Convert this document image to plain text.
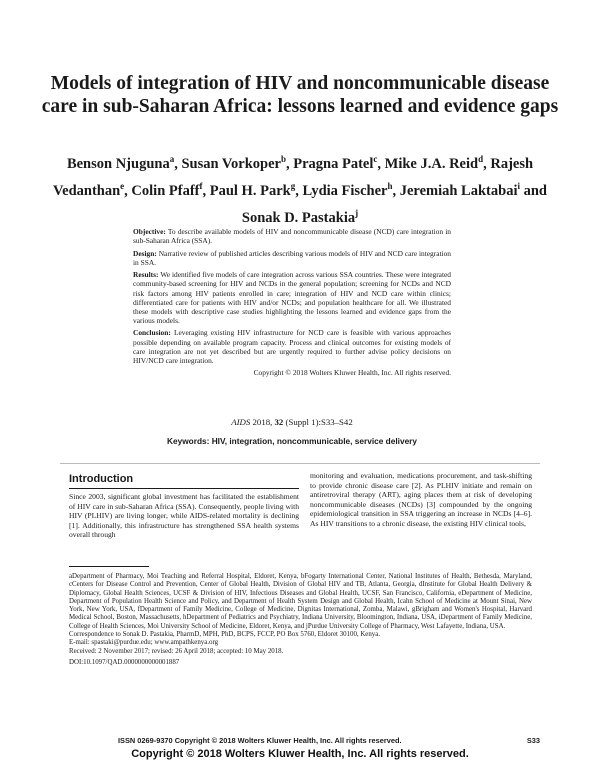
Models of integration of HIV and noncommunicable disease care in sub-Saharan Africa: lessons learned and evidence gaps
Benson Njuguna$^a$, Susan Vorkoper$^b$, Pragna Patel$^c$, Mike J.A. Reid$^d$, Rajesh Vedanthan$^e$, Colin Pfaff$^f$, Paul H. Park$^g$, Lydia Fischer$^h$, Jeremiah Laktabai$^i$ and Sonak D. Pastakia$^j$

Objective: To describe available models of HIV and noncommunicable disease (NCD) care integration in sub-Saharan Africa (SSA).

Design: Narrative review of published articles describing various models of HIV and NCD care integration in SSA.

Results: We identified five models of care integration across various SSA countries. These were integrated community-based screening for HIV and NCDs in the general population; screening for NCDs and NCD risk factors among HIV patients enrolled in care; integration of HIV and NCD care within clinics; differentiated care for patients with HIV and/or NCDs; and population healthcare for all. We illustrated these models with descriptive case studies highlighting the lessons learned and evidence gaps from the various models.

Conclusion: Leveraging existing HIV infrastructure for NCD care is feasible with various approaches possible depending on available program capacity. Process and clinical outcomes for existing models of care integration are not yet described but are urgently required to further advise policy decisions on HIV/NCD care integration.

Copyright © 2018 Wolters Kluwer Health, Inc. All rights reserved.

AIDS 2018, 32 (Suppl 1):S33–S42
Keywords: HIV, integration, noncommunicable, service delivery
Introduction

Since 2003, significant global investment has facilitated the establishment of HIV care in sub-Saharan Africa (SSA). Consequently, people living with HIV (PLHIV) are living longer, while AIDS-related mortality is declining [1]. Additionally, this infrastructure has strengthened SSA health systems overall through

monitoring and evaluation, medications procurement, and task-shifting to provide chronic disease care [2]. As PLHIV initiate and remain on antiretroviral therapy (ART), aging places them at risk of developing noncommunicable diseases (NCDs) [3] compounded by the ongoing epidemiological transition in SSA triggering an increase in NCDs [4–6]. As HIV transitions to a chronic disease, the existing HIV clinical tools,

aDepartment of Pharmacy, Moi Teaching and Referral Hospital, Eldoret, Kenya, bFogarty International Center, National Institutes of Health, Bethesda, Maryland, cCenters for Disease Control and Prevention, Center of Global Health, Division of Global HIV and TB, Atlanta, Georgia, dInstitute for Global Health Delivery & Diplomacy, Global Health Sciences, UCSF & Division of HIV, Infectious Diseases and Global Health, UCSF, San Francisco, California, eDepartment of Medicine, Department of Population Health Science and Policy, and Department of Health System Design and Global Health, Icahn School of Medicine at Mount Sinai, New York, New York, USA, fDepartment of Family Medicine, College of Medicine, Dignitas International, Zomba, Malawi, gBrigham and Women's Hospital, Harvard Medical School, Boston, Massachusetts, hDepartment of Pediatrics and Psychiatry, Indiana University, Bloomington, Indiana, USA, iDepartment of Family Medicine, College of Health Sciences, Moi University School of Medicine, Eldoret, Kenya, and jPurdue University College of Pharmacy, West Lafayette, Indiana, USA.

Correspondence to Sonak D. Pastakia, PharmD, MPH, PhD, BCPS, FCCP, PO Box 5760, Eldoret 30100, Kenya.

E-mail: spastaki@purdue.edu; www.ampathkenya.org

Received: 2 November 2017; revised: 26 April 2018; accepted: 10 May 2018.

DOI:10.1097/QAD.0000000000001887

ISSN 0269-9370 Copyright © 2018 Wolters Kluwer Health, Inc. All rights reserved.	S33
Copyright © 2018 Wolters Kluwer Health, Inc. All rights reserved.
